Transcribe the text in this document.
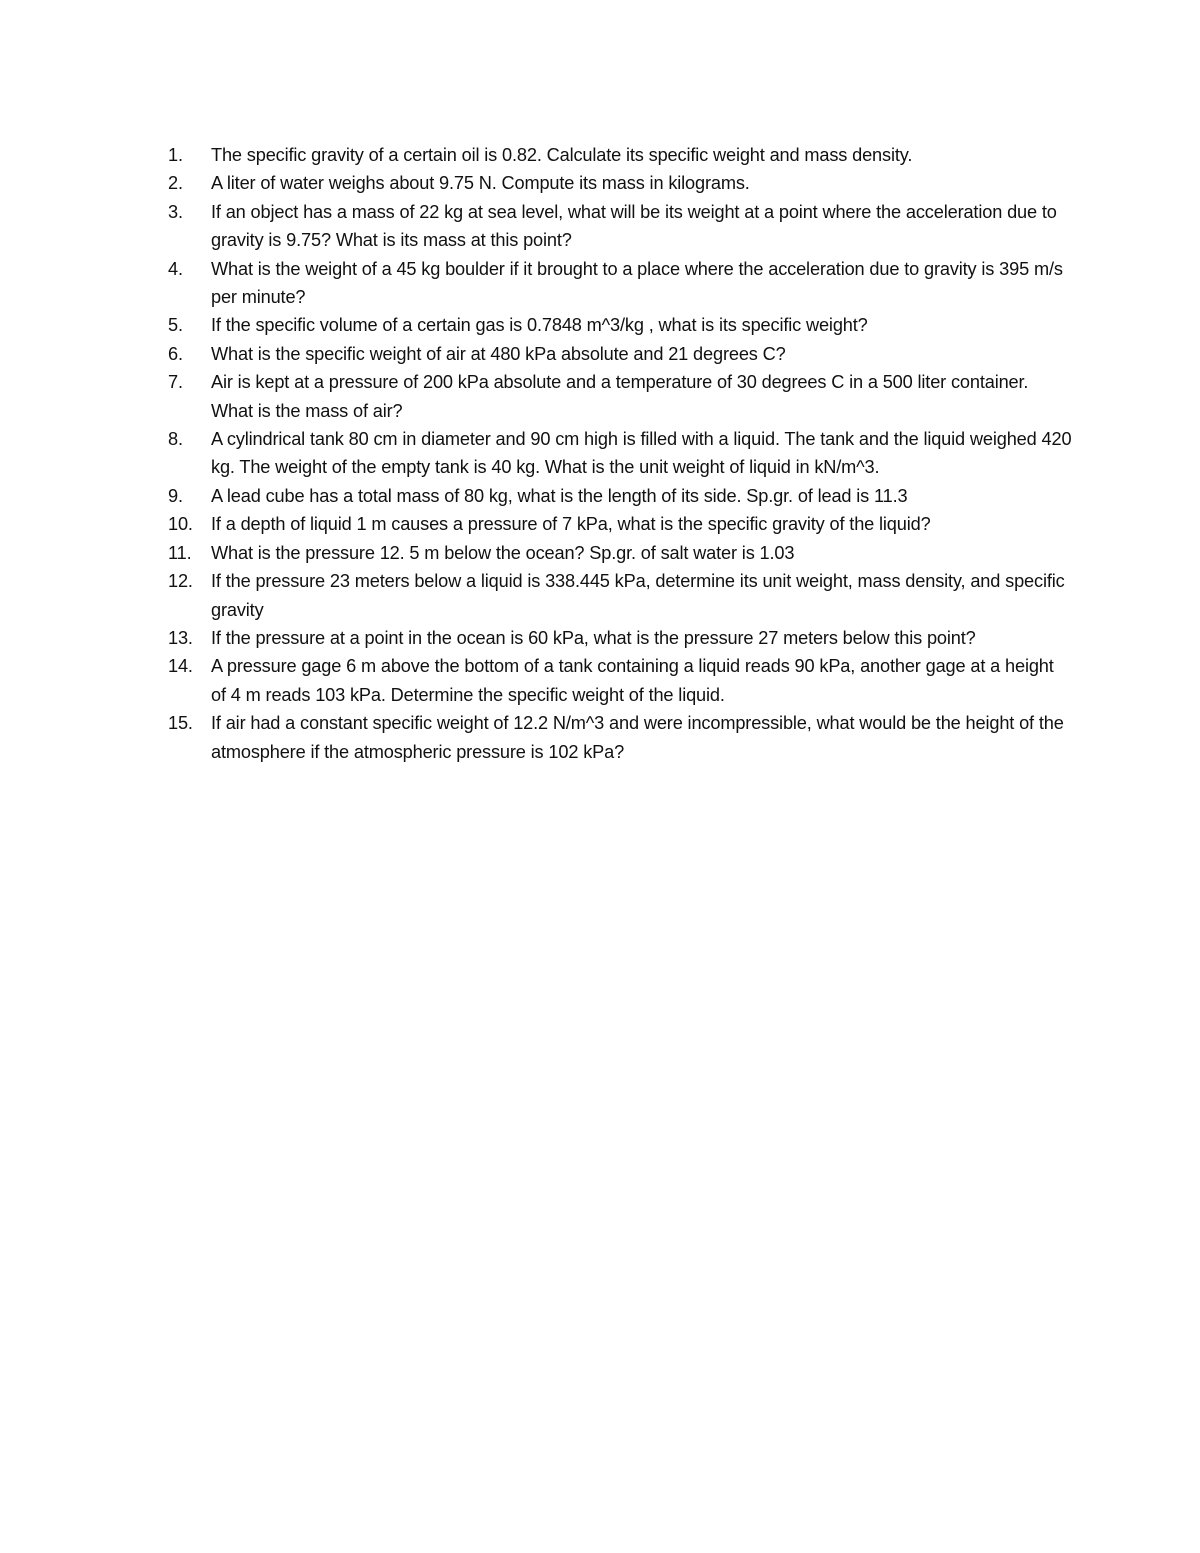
1.	The specific gravity of a certain oil is 0.82. Calculate its specific weight and mass density.
2.	A liter of water weighs about 9.75 N. Compute its mass in kilograms.
3.	If an object has a mass of 22 kg at sea level, what will be its weight at a point where the acceleration due to gravity is 9.75? What is its mass at this point?
4.	What is the weight of a 45 kg boulder if it brought to a place where the acceleration due to gravity is 395 m/s per minute?
5.	If the specific volume of a certain gas is 0.7848 m^3/kg , what is its specific weight?
6.	What is the specific weight of air at 480 kPa absolute and 21 degrees C?
7.	Air is kept at a pressure of 200 kPa absolute and a temperature of 30 degrees C in a 500 liter container. What is the mass of air?
8.	A cylindrical tank 80 cm in diameter and 90 cm high is filled with a liquid. The tank and the liquid weighed 420 kg. The weight of the empty tank is 40 kg. What is the unit weight of liquid in kN/m^3.
9.	A lead cube has a total mass of 80 kg, what is the length of its side. Sp.gr. of lead is 11.3
10. If a depth of liquid 1 m causes a pressure of 7 kPa, what is the specific gravity of the liquid?
11.	What is the pressure 12. 5 m below the ocean? Sp.gr. of salt water is 1.03
12. If the pressure 23 meters below a liquid is 338.445 kPa, determine its unit weight, mass density, and specific gravity
13. If the pressure at a point in the ocean is 60 kPa, what is the pressure 27 meters below this point?
14. A pressure gage 6 m above the bottom of a tank containing a liquid reads 90 kPa, another gage at a height of 4 m reads 103 kPa. Determine the specific weight of the liquid.
15. If air had a constant specific weight of 12.2 N/m^3 and were incompressible, what would be the height of the atmosphere if the atmospheric pressure is 102 kPa?
